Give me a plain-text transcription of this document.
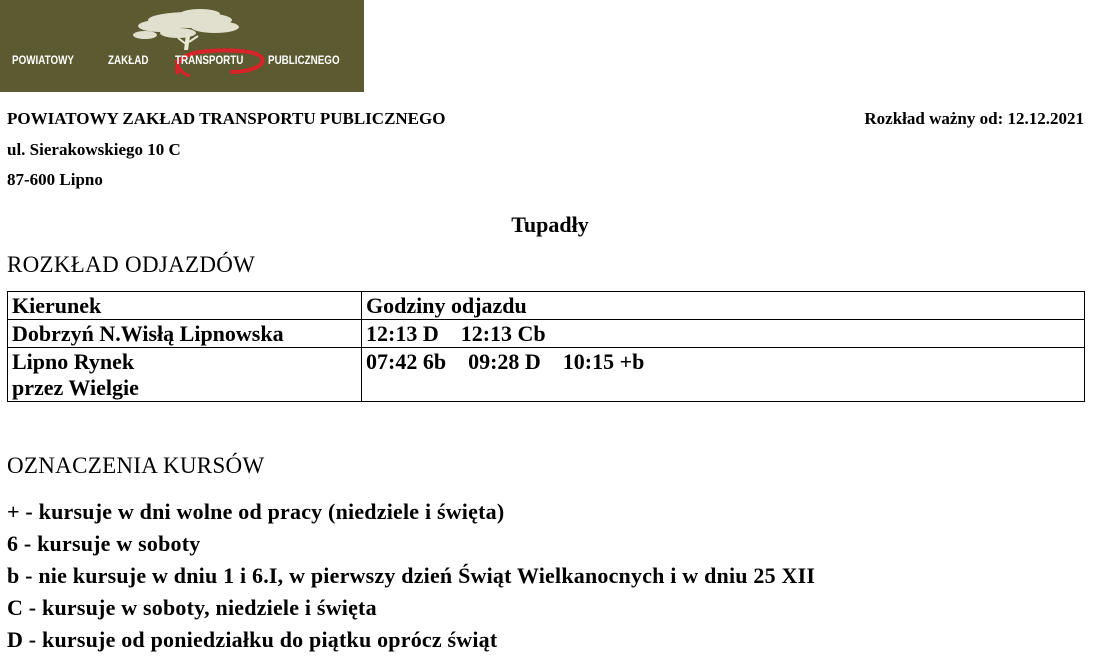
POWIATOWY	ZAKŁAD TRANSPORTU PUBLICZNEGO
POWIATOWY ZAKŁAD TRANSPORTU PUBLICZNEGO
ul. Sierakowskiego 10 C
87-600 Lipno
Rozkład ważny od: 12.12.2021
Tupadły
ROZKŁAD ODJAZDÓW
Kierunek	Godziny odjazdu

Dobrzyń N.Wisłą Lipnowska	12:13 D 12:13 Cb

Lipno Rynek
przez Wielgie	07:42 6b 09:28 D 10:15 +b
OZNACZENIA KURSÓW
+ - kursuje w dni wolne od pracy (niedziele i święta)
6 - kursuje w soboty
b - nie kursuje w dniu 1 i 6.I, w pierwszy dzień Świąt Wielkanocnych i w dniu 25 XII
C - kursuje w soboty, niedziele i święta
D - kursuje od poniedziałku do piątku oprócz świąt
